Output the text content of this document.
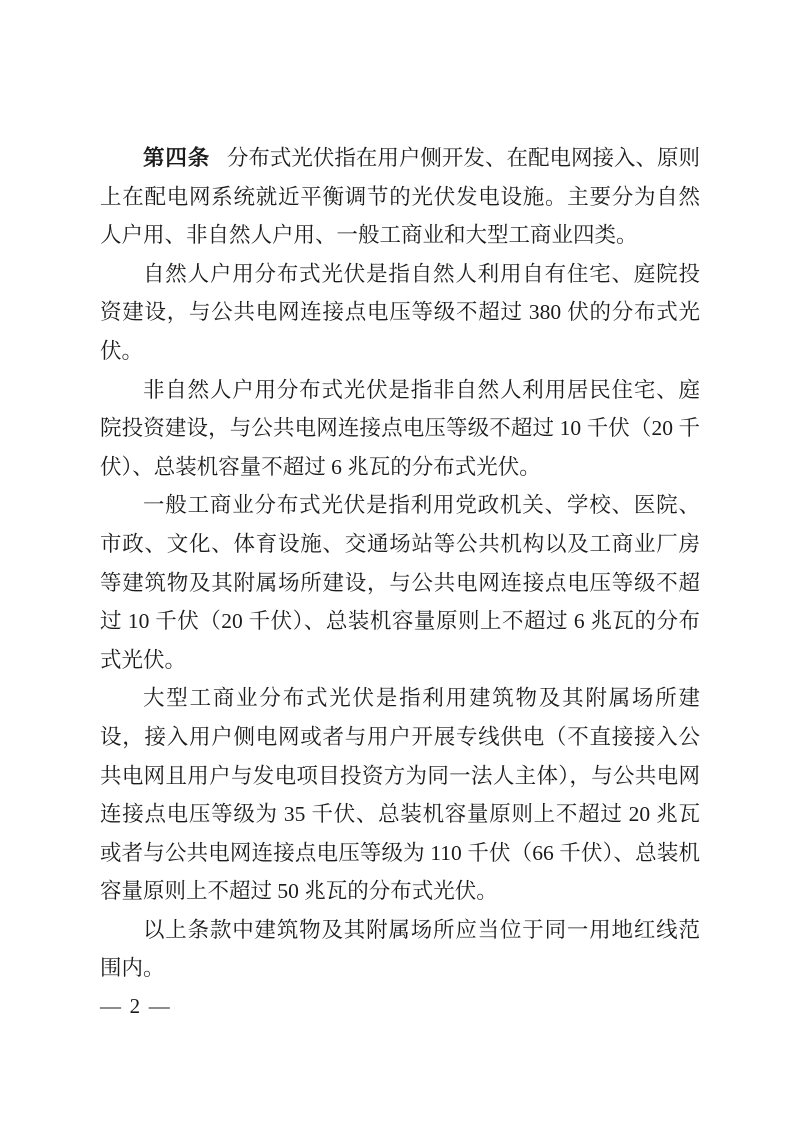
第四条 分布式光伏指在用户侧开发、在配电网接入、原则上在配电网系统就近平衡调节的光伏发电设施。主要分为自然人户用、非自然人户用、一般工商业和大型工商业四类。

自然人户用分布式光伏是指自然人利用自有住宅、庭院投资建设，与公共电网连接点电压等级不超过 380 伏的分布式光伏。

非自然人户用分布式光伏是指非自然人利用居民住宅、庭院投资建设，与公共电网连接点电压等级不超过 10 千伏（20 千伏）、总装机容量不超过 6 兆瓦的分布式光伏。

一般工商业分布式光伏是指利用党政机关、学校、医院、市政、文化、体育设施、交通场站等公共机构以及工商业厂房等建筑物及其附属场所建设，与公共电网连接点电压等级不超过 10 千伏（20 千伏）、总装机容量原则上不超过 6 兆瓦的分布式光伏。

大型工商业分布式光伏是指利用建筑物及其附属场所建设，接入用户侧电网或者与用户开展专线供电（不直接接入公共电网且用户与发电项目投资方为同一法人主体），与公共电网连接点电压等级为 35 千伏、总装机容量原则上不超过 20 兆瓦或者与公共电网连接点电压等级为 110 千伏（66 千伏）、总装机容量原则上不超过 50 兆瓦的分布式光伏。

以上条款中建筑物及其附属场所应当位于同一用地红线范围内。

— 2 —
